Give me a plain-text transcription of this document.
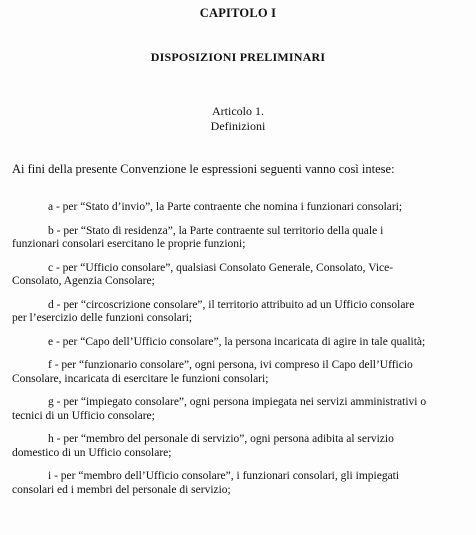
CAPITOLO I
DISPOSIZIONI PRELIMINARI
Articolo 1.
Definizioni
Ai fini della presente Convenzione le espressioni seguenti vanno così intese:
a - per “Stato d’invio”, la Parte contraente che nomina i funzionari consolari;
b - per “Stato di residenza”, la Parte contraente sul territorio della quale i
funzionari consolari esercitano le proprie funzioni;
c - per “Ufficio consolare”, qualsiasi Consolato Generale, Consolato, Vice-
Consolato, Agenzia Consolare;
d - per “circoscrizione consolare”, il territorio attribuito ad un Ufficio consolare
per l’esercizio delle funzioni consolari;
e - per “Capo dell’Ufficio consolare”, la persona incaricata di agire in tale qualità;
f - per “funzionario consolare”, ogni persona, ivi compreso il Capo dell’Ufficio
Consolare, incaricata di esercitare le funzioni consolari;
g - per “impiegato consolare”, ogni persona impiegata nei servizi amministrativi o
tecnici di un Ufficio consolare;
h - per “membro del personale di servizio”, ogni persona adibita al servizio
domestico di un Ufficio consolare;
i - per “membro dell’Ufficio consolare”, i funzionari consolari, gli impiegati
consolari ed i membri del personale di servizio;
